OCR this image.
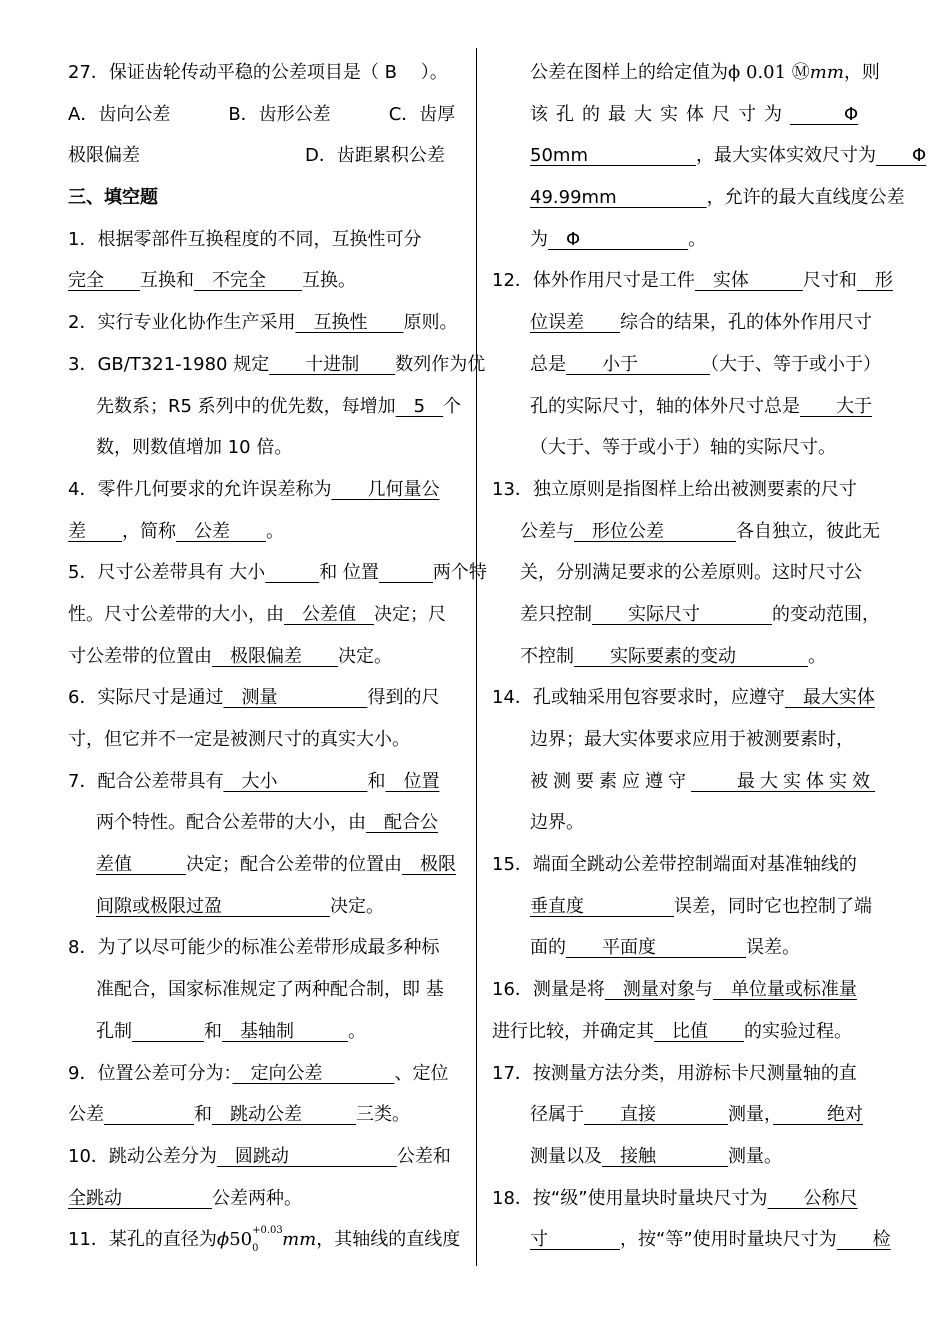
27．保证齿轮传动平稳的公差项目是（ B　 ）。
A．齿向公差	B．齿形公差	C．齿厚
极限偏差	D．齿距累积公差
三、填空题
1．根据零部件互换程度的不同，互换性可分
完全　　互换和　不完全　　互换。
2．实行专业化协作生产采用　互换性　　原则。
3．GB/T321-1980 规定　　十进制　　数列作为优
先数系；R5 系列中的优先数，每增加　5　个
数，则数值增加 10 倍。
4．零件几何要求的允许误差称为　　几何量公
差　　，简称　公差　　。
5．尺寸公差带具有 大小　　　	和 位置　　　	两个特
性。尺寸公差带的大小，由　公差值　决定；尺
寸公差带的位置由　极限偏差　　决定。
6．实际尺寸是通过　测量　　　　　得到的尺
寸，但它并不一定是被测尺寸的真实大小。
7．配合公差带具有　大小　　　　　和　位置
两个特性。配合公差带的大小，由　配合公
差值　　　决定；配合公差带的位置由　极限
间隙或极限过盈　　　　　　决定。
8．为了以尽可能少的标准公差带形成最多种标
准配合，国家标准规定了两种配合制，即 基
孔制　　　　	和　基轴制　　　。
9．位置公差可分为：　定向公差　　　　、定位
公差　　　　　	和　跳动公差　　　三类。
10．跳动公差分为　圆跳动　　　　　　公差和
全跳动　　　　　公差两种。
11．某孔的直径为ϕ50 +0.03
0 mm，其轴线的直线度
公差在图样上的给定值为ϕ 0.01 Ⓜmm，则
该孔的最大实体尺寸为　　　Φ
50mm　　　　　　，最大实体实效尺寸为　　Φ
49.99mm　　　　　，允许的最大直线度公差
为　Φ　　　　　　。
12．体外作用尺寸是工件　实体　　　尺寸和　形
位误差　　综合的结果，孔的体外作用尺寸
总是　　小于　　　　（大于、等于或小于）
孔的实际尺寸，轴的体外尺寸总是　　大于
（大于、等于或小于）轴的实际尺寸。
13．独立原则是指图样上给出被测要素的尺寸
公差与　形位公差　　　　各自独立，彼此无
关，分别满足要求的公差原则。这时尺寸公
差只控制　　实际尺寸　　　　的变动范围，
不控制　　实际要素的变动　　　　。
14．孔或轴采用包容要求时，应遵守　最大实体
边界；最大实体要求应用于被测要素时，
被测要素应遵守　　最大实体实效
边界。
15．端面全跳动公差带控制端面对基准轴线的
垂直度　　　　　误差，同时它也控制了端
面的　　平面度　　　　　误差。
16．测量是将　测量对象与　单位量或标准量
进行比较，并确定其　比值　　的实验过程。
17．按测量方法分类，用游标卡尺测量轴的直
径属于　　直接　　　　测量，　　　绝对
测量以及　接触　　　　测量。
18．按“级”使用量块时量块尺寸为　　公称尺
寸　　　　，按“等”使用时量块尺寸为　　检
